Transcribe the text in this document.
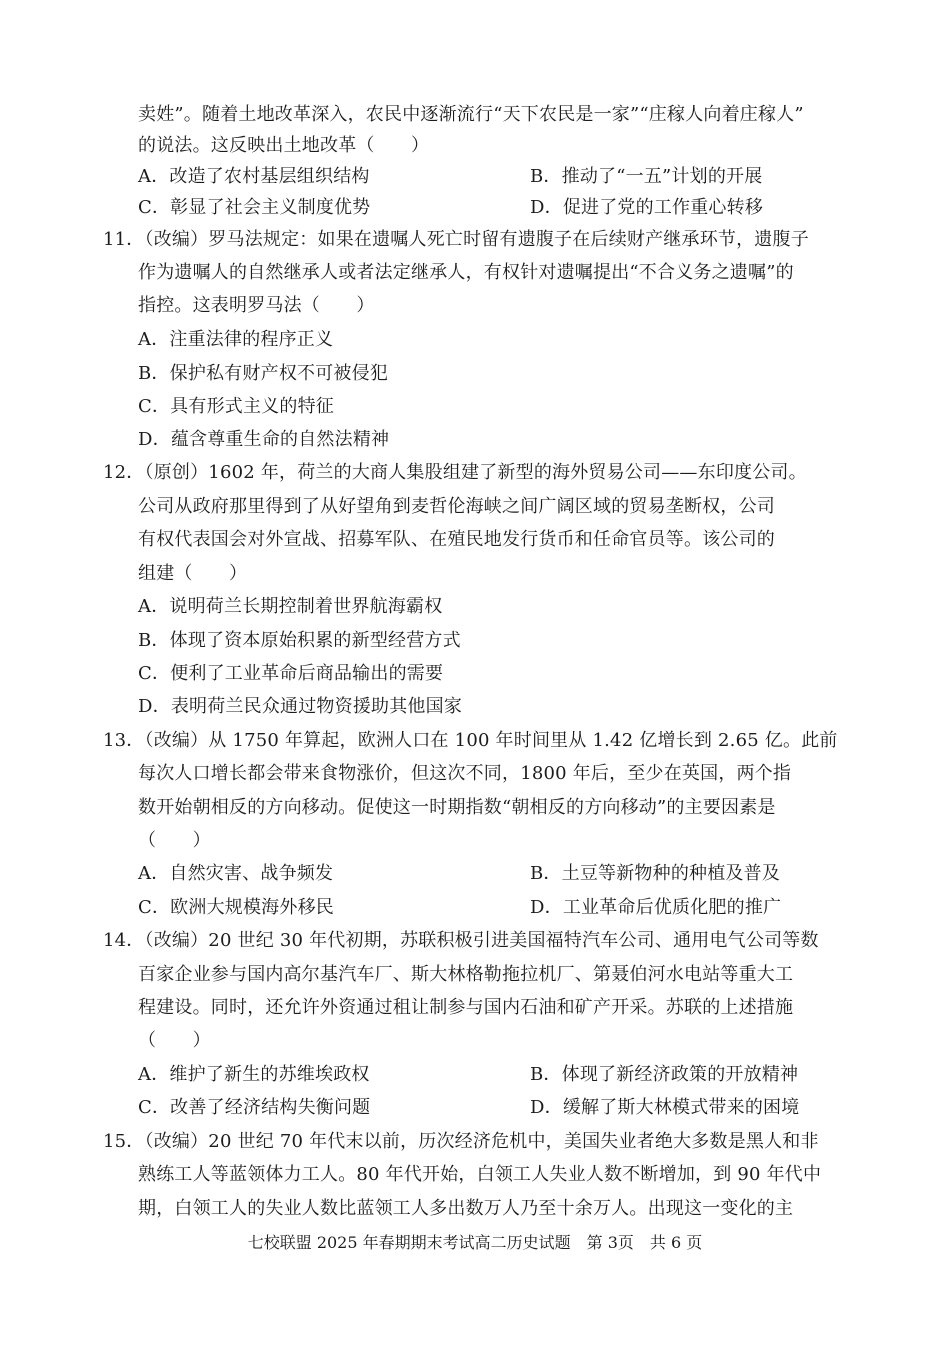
卖姓”。随着土地改革深入，农民中逐渐流行“天下农民是一家”“庄稼人向着庄稼人”
的说法。这反映出土地改革（　　）
A．改造了农村基层组织结构	B．推动了“一五”计划的开展
C．彰显了社会主义制度优势	D．促进了党的工作重心转移
11．（改编）罗马法规定：如果在遗嘱人死亡时留有遗腹子在后续财产继承环节，遗腹子
作为遗嘱人的自然继承人或者法定继承人，有权针对遗嘱提出“不合义务之遗嘱”的
指控。这表明罗马法（　　）
A．注重法律的程序正义
B．保护私有财产权不可被侵犯
C．具有形式主义的特征
D．蕴含尊重生命的自然法精神
12．（原创）1602 年，荷兰的大商人集股组建了新型的海外贸易公司——东印度公司。
公司从政府那里得到了从好望角到麦哲伦海峡之间广阔区域的贸易垄断权，公司
有权代表国会对外宣战、招募军队、在殖民地发行货币和任命官员等。该公司的
组建（　　）
A．说明荷兰长期控制着世界航海霸权
B．体现了资本原始积累的新型经营方式
C．便利了工业革命后商品输出的需要
D．表明荷兰民众通过物资援助其他国家
13．（改编）从 1750 年算起，欧洲人口在 100 年时间里从 1.42 亿增长到 2.65 亿。此前
每次人口增长都会带来食物涨价，但这次不同，1800 年后，至少在英国，两个指
数开始朝相反的方向移动。促使这一时期指数“朝相反的方向移动”的主要因素是
（　　）
A．自然灾害、战争频发	B．土豆等新物种的种植及普及
C．欧洲大规模海外移民	D．工业革命后优质化肥的推广
14．（改编）20 世纪 30 年代初期，苏联积极引进美国福特汽车公司、通用电气公司等数
百家企业参与国内高尔基汽车厂、斯大林格勒拖拉机厂、第聂伯河水电站等重大工
程建设。同时，还允许外资通过租让制参与国内石油和矿产开采。苏联的上述措施
（　　）
A．维护了新生的苏维埃政权	B．体现了新经济政策的开放精神
C．改善了经济结构失衡问题	D．缓解了斯大林模式带来的困境
15．（改编）20 世纪 70 年代末以前，历次经济危机中，美国失业者绝大多数是黑人和非
熟练工人等蓝领体力工人。80 年代开始，白领工人失业人数不断增加，到 90 年代中
期，白领工人的失业人数比蓝领工人多出数万人乃至十余万人。出现这一变化的主
七校联盟 2025 年春期期末考试高二历史试题　第 3页　共 6 页
